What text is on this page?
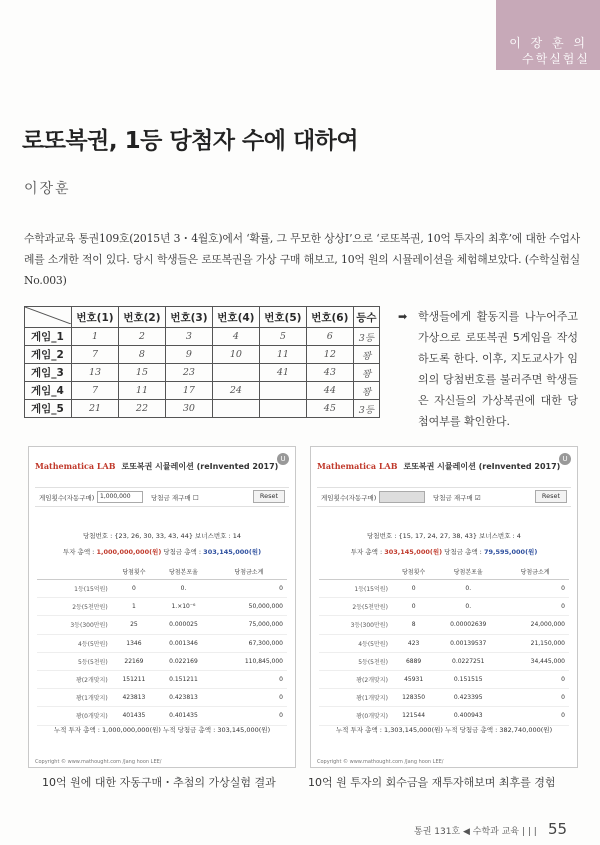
이 장 훈 의
수학실험실
로또복권, 1등 당첨자 수에 대하여
이장훈
수학과교육 통권109호(2015년 3・4월호)에서 ‘확률, 그 무모한 상상Ⅰ’으로 ‘로또복권, 10억 투자의 최후’에 대한 수업사례를 소개한 적이 있다. 당시 학생들은 로또복권을 가상 구매 해보고, 10억 원의 시뮬레이션을 체험해보았다. (수학실험실 No.003)
	번호(1)	번호(2)	번호(3)	번호(4)	번호(5)	번호(6)	등수
게임_1	1	2	3	4	5	6	3등
게임_2	7	8	9	10	11	12	꽝
게임_3	13	15	23		41	43	꽝
게임_4	7	11	17	24		44	꽝
게임_5	21	22	30			45	3등
➡ 학생들에게 활동지를 나누어주고 가상으로 로또복권 5게임을 작성하도록 한다. 이후, 지도교사가 임의의 당첨번호를 불러주면 학생들은 자신들의 가상복권에 대한 당첨여부를 확인한다.
Mathematica LAB 로또복권 시뮬레이션 (reInvented 2017)
U
게임횟수(자동구매) 1,000,000	당첨금 재구매 ☐	Reset
당첨번호 : {23, 26, 30, 33, 43, 44} 보너스번호 : 14
투자 총액 : 1,000,000,000(원) 당첨금 총액 : 303,145,000(원)
	당첨횟수	당첨본포율	당첨금소계
1등(15억원)	0	0.	0
2등(5천만원)	1	1.×10⁻⁶	50,000,000
3등(300만원)	25	0.000025	75,000,000
4등(5만원)	1346	0.001346	67,300,000
5등(5천원)	22169	0.022169	110,845,000
꽝(2개맞지)	151211	0.151211	0
꽝(1개맞지)	423813	0.423813	0
꽝(0개맞지)	401435	0.401435	0
누적 투자 총액 : 1,000,000,000(원) 누적 당첨금 총액 : 303,145,000(원)
Copyright © www.mathought.com /Jang hoon LEE/
Mathematica LAB 로또복권 시뮬레이션 (reInvented 2017)
U
게임횟수(자동구매)	당첨금 재구매 ☑	Reset
당첨번호 : {15, 17, 24, 27, 38, 43} 보너스번호 : 4
투자 총액 : 303,145,000(원) 당첨금 총액 : 79,595,000(원)
	당첨횟수	당첨본포율	당첨금소계
1등(15억원)	0	0.	0
2등(5천만원)	0	0.	0
3등(300만원)	8	0.00002639	24,000,000
4등(5만원)	423	0.00139537	21,150,000
5등(5천원)	6889	0.0227251	34,445,000
꽝(2개맞지)	45931	0.151515	0
꽝(1개맞지)	128350	0.423395	0
꽝(0개맞지)	121544	0.400943	0
누적 투자 총액 : 1,303,145,000(원) 누적 당첨금 총액 : 382,740,000(원)
Copyright © www.mathought.com /Jang hoon LEE/
10억 원에 대한 자동구매・추첨의 가상실험 결과	10억 원 투자의 회수금을 재투자해보며 최후를 경험
통권 131호 ◀ 수학과 교육 | | | 55
